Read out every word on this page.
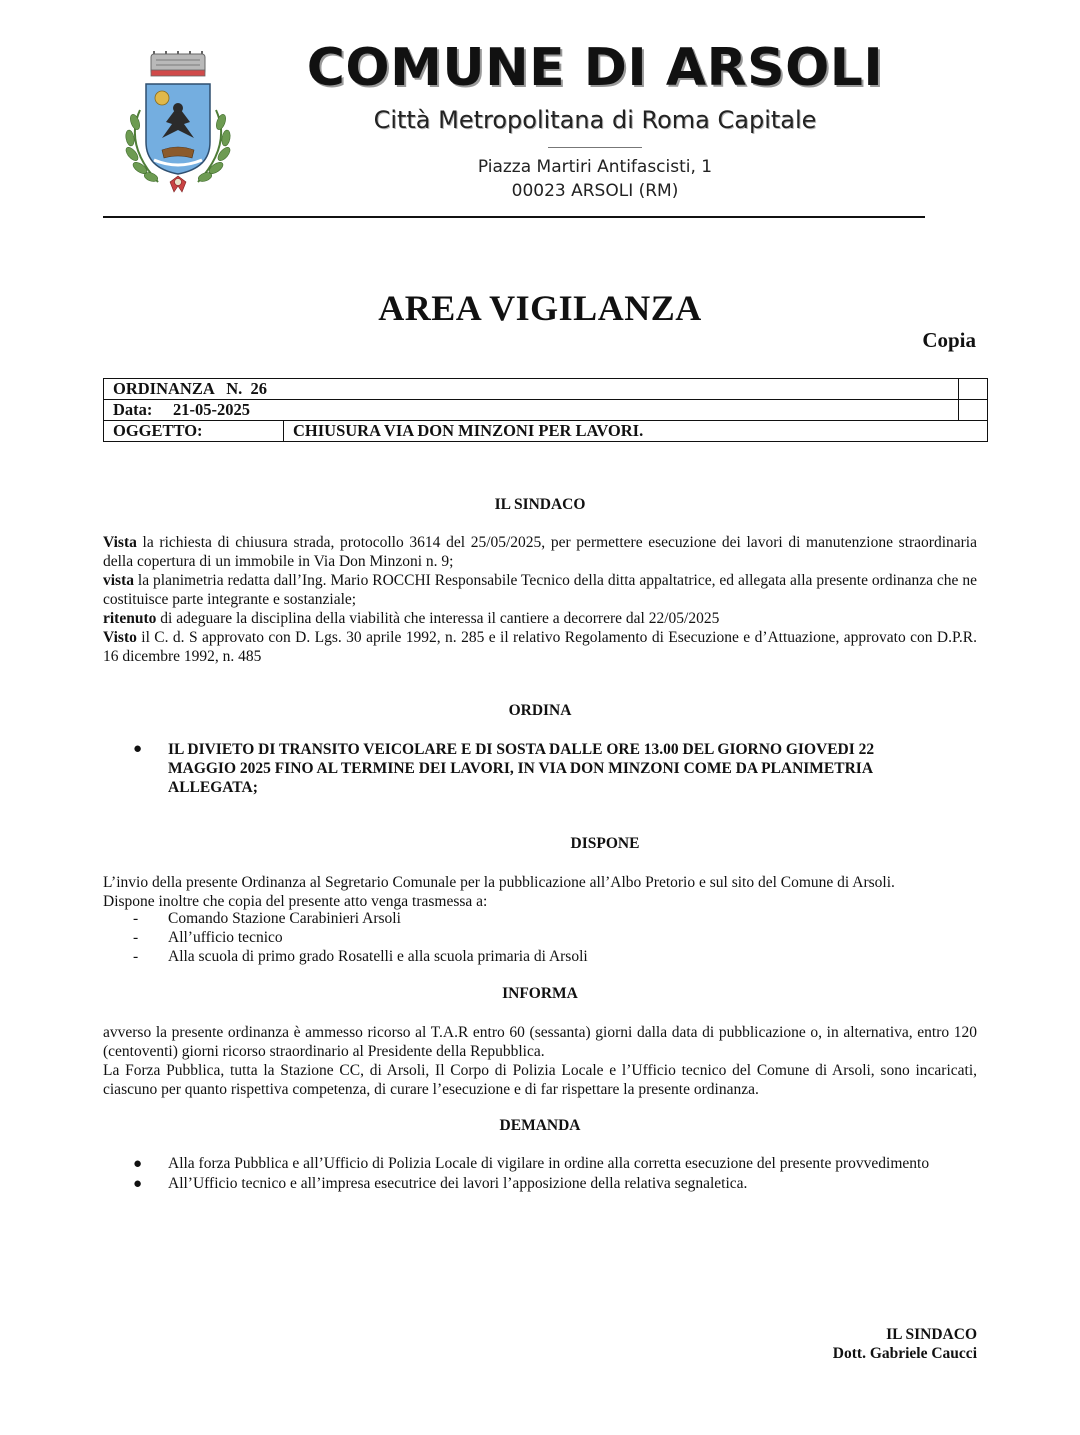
COMUNE DI ARSOLI
Città Metropolitana di Roma Capitale
Piazza Martiri Antifascisti, 1
00023 ARSOLI (RM)
AREA VIGILANZA
Copia
ORDINANZA   N.  26		
Data:     21-05-2025		
OGGETTO:	CHIUSURA VIA DON MINZONI PER LAVORI.	
IL SINDACO

Vista la richiesta di chiusura strada, protocollo 3614 del 25/05/2025, per permettere esecuzione dei lavori di manutenzione straordinaria della copertura di un immobile in Via Don Minzoni n. 9;

vista la planimetria redatta dall’Ing. Mario ROCCHI Responsabile Tecnico della ditta appaltatrice, ed allegata alla presente ordinanza che ne costituisce parte integrante e sostanziale;

ritenuto di adeguare la disciplina della viabilità che interessa il cantiere a decorrere dal 22/05/2025

Visto il C. d. S approvato con D. Lgs. 30 aprile 1992, n. 285 e il relativo Regolamento di Esecuzione e d’Attuazione, approvato con D.P.R. 16 dicembre 1992, n. 485

ORDINA
●	IL DIVIETO DI TRANSITO VEICOLARE E DI SOSTA DALLE ORE 13.00 DEL GIORNO GIOVEDI 22 MAGGIO 2025 FINO AL TERMINE DEI LAVORI, IN VIA DON MINZONI COME DA PLANIMETRIA ALLEGATA;
DISPONE

L’invio della presente Ordinanza al Segretario Comunale per la pubblicazione all’Albo Pretorio e sul sito del Comune di Arsoli.

Dispone inoltre che copia del presente atto venga trasmessa a:

-	Comando Stazione Carabinieri Arsoli
-	All’ufficio tecnico
-	Alla scuola di primo grado Rosatelli e alla scuola primaria di Arsoli
INFORMA

avverso la presente ordinanza è ammesso ricorso al T.A.R entro 60 (sessanta) giorni dalla data di pubblicazione o, in alternativa, entro 120 (centoventi) giorni ricorso straordinario al Presidente della Repubblica.

La Forza Pubblica, tutta la Stazione CC, di Arsoli, Il Corpo di Polizia Locale e l’Ufficio tecnico del Comune di Arsoli, sono incaricati, ciascuno per quanto rispettiva competenza, di curare l’esecuzione e di far rispettare la presente ordinanza.

DEMANDA
●	Alla forza Pubblica e all’Ufficio di Polizia Locale di vigilare in ordine alla corretta esecuzione del presente provvedimento
●	All’Ufficio tecnico e all’impresa esecutrice dei lavori l’apposizione della relativa segnaletica.
IL SINDACO
Dott. Gabriele Caucci
